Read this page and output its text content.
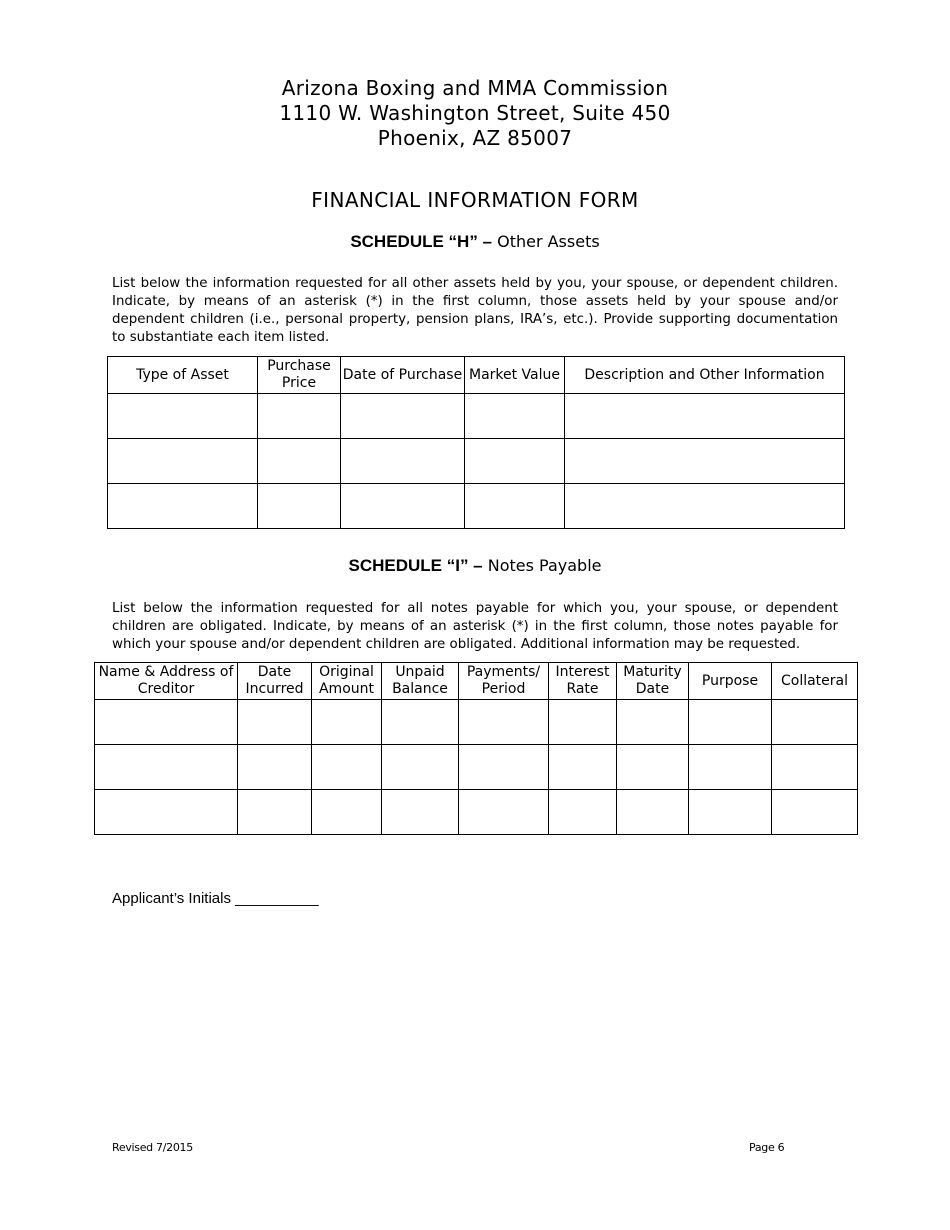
Arizona Boxing and MMA Commission
1110 W. Washington Street, Suite 450
Phoenix, AZ 85007
FINANCIAL INFORMATION FORM
SCHEDULE “H” – Other Assets
List below the information requested for all other assets held by you, your spouse, or dependent children. Indicate, by means of an asterisk (*) in the first column, those assets held by your spouse and/or dependent children (i.e., personal property, pension plans, IRA’s, etc.). Provide supporting documentation to substantiate each item listed.
Type of Asset	Purchase Price	Date of Purchase	Market Value	Description and Other Information

SCHEDULE “I” – Notes Payable
List below the information requested for all notes payable for which you, your spouse, or dependent children are obligated. Indicate, by means of an asterisk (*) in the first column, those notes payable for which your spouse and/or dependent children are obligated. Additional information may be requested.
Name & Address of Creditor	Date Incurred	Original Amount	Unpaid Balance	Payments/ Period	Interest Rate	Maturity Date	Purpose	Collateral

Applicant’s Initials __________
Revised 7/2015	Page 6
